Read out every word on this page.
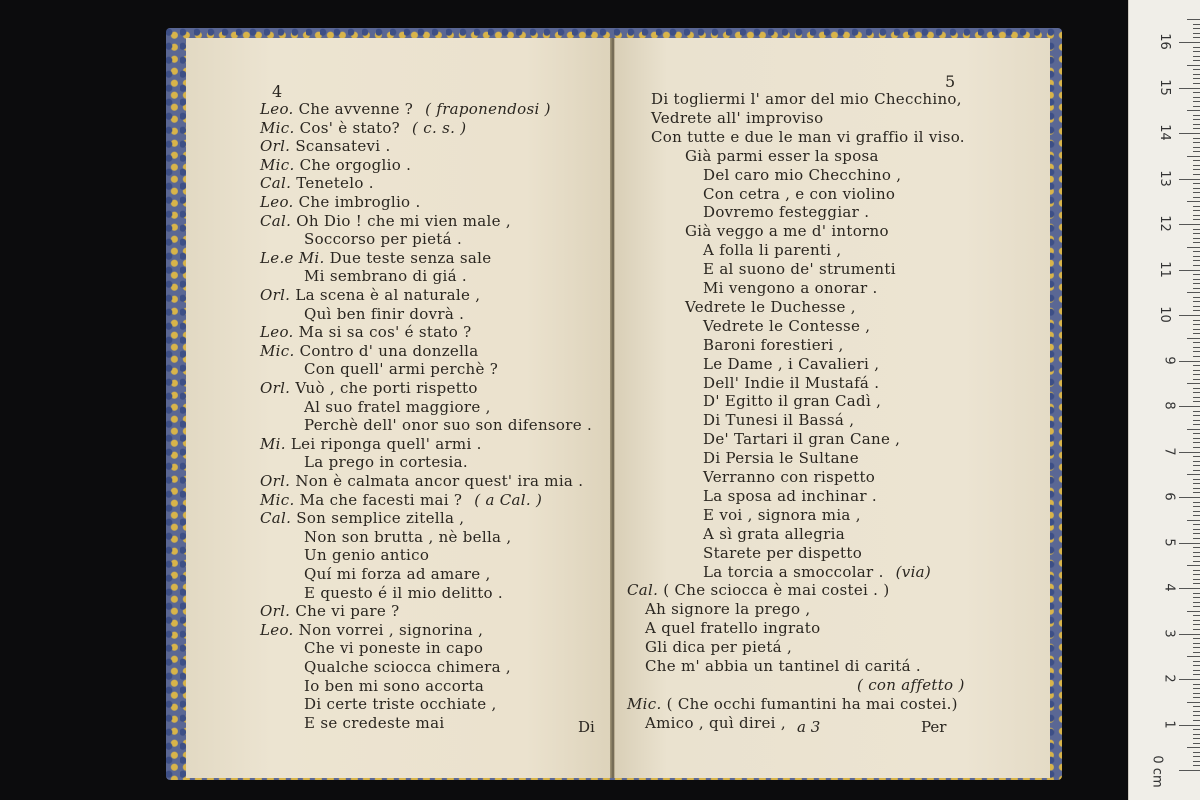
4
Leo. Che avvenne ? ( fraponendosi )
Mic. Cos' è stato? ( c. s. )
Orl. Scansatevi .
Mic. Che orgoglio .
Cal. Tenetelo .
Leo. Che imbroglio .
Cal. Oh Dio ! che mi vien male ,
Soccorso per pietá .
Le.e Mi. Due teste senza sale
Mi sembrano di giá .
Orl. La scena è al naturale ,
Quì ben finir dovrà .
Leo. Ma si sa cos' é stato ?
Mic. Contro d' una donzella
Con quell' armi perchè ?
Orl. Vuò , che porti rispetto
Al suo fratel maggiore ,
Perchè dell' onor suo son difensore .
Mi. Lei riponga quell' armi .
La prego in cortesia.
Orl. Non è calmata ancor quest' ira mia .
Mic. Ma che facesti mai ? ( a Cal. )
Cal. Son semplice zitella ,
Non son brutta , nè bella ,
Un genio antico
Quí mi forza ad amare ,
E questo é il mio delitto .
Orl. Che vi pare ?
Leo. Non vorrei , signorina ,
Che vi poneste in capo
Qualche sciocca chimera ,
Io ben mi sono accorta
Di certe triste occhiate ,
E se credeste mai	Di
5
Di togliermi l' amor del mio Checchino,
Vedrete all' improviso
Con tutte e due le man vi graffio il viso.
Già parmi esser la sposa
Del caro mio Checchino ,
Con cetra , e con violino
Dovremo festeggiar .
Già veggo a me d' intorno
A folla li parenti ,
E al suono de' strumenti
Mi vengono a onorar .
Vedrete le Duchesse ,
Vedrete le Contesse ,
Baroni forestieri ,
Le Dame , i Cavalieri ,
Dell' Indie il Mustafá .
D' Egitto il gran Cadì ,
Di Tunesi il Bassá ,
De' Tartari il gran Cane ,
Di Persia le Sultane
Verranno con rispetto
La sposa ad inchinar .
E voi , signora mia ,
A sì grata allegria
Starete per dispetto
La torcia a smoccolar . (via)
Cal. ( Che sciocca è mai costei . )
Ah signore la prego ,
A quel fratello ingrato
Gli dica per pietá ,
Che m' abbia un tantinel di caritá .
( con affetto )
Mic. ( Che occhi fumantini ha mai costei.)
Amico , quì direi , a 3	Per
0 cm
1
2
3
4
5
6
7
8
9
10
11
12
13
14
15
16
